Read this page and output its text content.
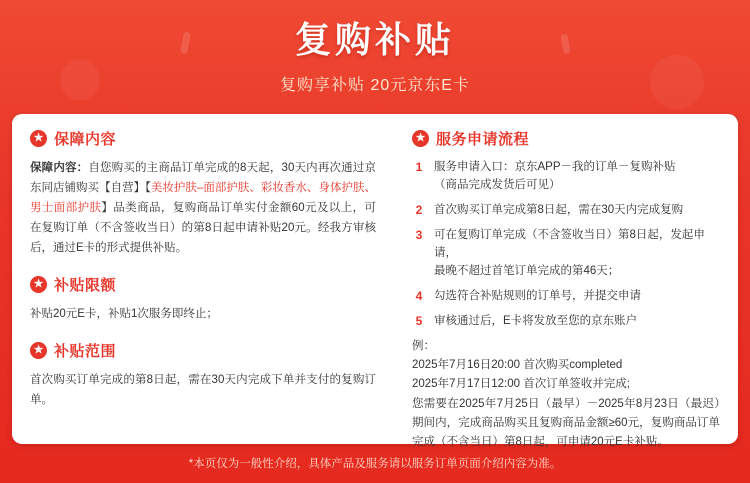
复购补贴
复购享补贴 20元京东E卡
★ 保障内容
保障内容：自您购买的主商品订单完成的8天起，30天内再次通过京东同店铺购买【自营】【美妆护肤–面部护肤、彩妆香水、身体护肤、男士面部护肤】品类商品，复购商品订单实付金额60元及以上，可在复购订单（不含签收当日）的第8日起申请补贴20元。经我方审核后，通过E卡的形式提供补贴。
★ 补贴限额
补贴20元E卡，补贴1次服务即终止；
★ 补贴范围
首次购买订单完成的第8日起，需在30天内完成下单并支付的复购订单。
★ 服务申请流程
1	服务申请入口：京东APP－我的订单－复购补贴
（商品完成发货后可见）
2	首次购买订单完成第8日起，需在30天内完成复购
3	可在复购订单完成（不含签收当日）第8日起，发起申请，
最晚不超过首笔订单完成的第46天；
4	勾选符合补贴规则的订单号，并提交申请
5	审核通过后，E卡将发放至您的京东账户
例：
2025年7月16日20:00 首次购买completed
2025年7月17日12:00 首次订单签收并完成;
您需要在2025年7月25日（最早）－2025年8月23日（最迟）期间内，完成商品购买且复购商品金额≥60元，复购商品订单完成（不含当日）第8日起，可申请20元E卡补贴。
*本页仅为一般性介绍，具体产品及服务请以服务订单页面介绍内容为准。
